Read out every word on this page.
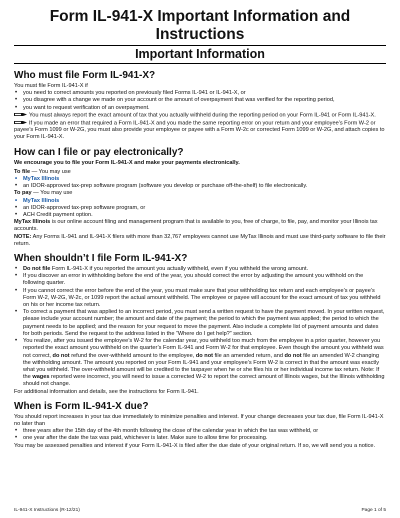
Form IL-941-X Important Information and Instructions
Important Information
Who must file Form IL-941-X?

You must file Form IL-941-X if

• you need to correct amounts you reported on previously filed Forms IL-941 or IL-941-X, or
• you disagree with a change we made on your account or the amount of overpayment that was verified for the reporting period,
• you want to request verification of an overpayment.

You must always report the exact amount of tax that you actually withheld during the reporting period on your Form IL-941 or Form IL-941-X.

If you made an error that required a Form IL-941-X and you made the same reporting error on your return and your employee’s Form W-2 or payee’s Form 1099 or W-2G, you must also provide your employee or payee with a Form W-2c or corrected Form 1099 or W-2G, and attach copies to your Form IL-941-X.

How can I file or pay electronically?

We encourage you to file your Form IL-941-X and make your payments electronically.

To file — You may use

• MyTax Illinois
• an IDOR-approved tax-prep software program (software you develop or purchase off-the-shelf) to file electronically.

To pay — You may use

• MyTax Illinois
• an IDOR-approved tax-prep software program, or
• ACH Credit payment option.

MyTax Illinois is our online account filing and management program that is available to you, free of charge, to file, pay, and monitor your Illinois tax accounts.

NOTE: Any Forms IL-941 and IL-941-X filers with more than 32,767 employees cannot use MyTax Illinois and must use third-party software to file their return.

When shouldn’t I file Form IL-941-X?
• Do not file Form IL-941-X if you reported the amount you actually withheld, even if you withheld the wrong amount.
• If you discover an error in withholding before the end of the year, you should correct the error by adjusting the amount you withhold on the following quarter.
• If you cannot correct the error before the end of the year, you must make sure that your withholding tax return and each employee’s or payee’s Form W-2, W-2G, W-2c, or 1099 report the actual amount withheld. The employee or payee will account for the exact amount of tax you withheld on his or her income tax return.
• To correct a payment that was applied to an incorrect period, you must send a written request to have the payment moved. In your written request, please include your account number; the amount and date of the payment; the period to which the payment was applied; the period to which the payment needs to be applied; and the reason for your request to move the payment. Also include a complete list of payment amounts and dates for both periods. Send the request to the address listed in the “Where do I get help?” section.
• You realize, after you issued the employee’s W-2 for the calendar year, you withheld too much from the employee in a prior quarter, however you reported the exact amount you withheld on the quarter’s Form IL-941 and Form W-2 for that employee. Even though the amount you withheld was not correct, do not refund the over-withheld amount to the employee, do not file an amended return, and do not file an amended W-2 changing the withholding amount. The amount you reported on your Form IL-941 and your employee’s Form W-2 is correct in that the amount was exactly what you withheld. The over-withheld amount will be credited to the taxpayer when he or she files his or her individual income tax return. Note: If the wages reported were incorrect, you will need to issue a corrected W-2 to report the correct amount of Illinois wages, but the Illinois withholding should not change.

For additional information and details, see the instructions for Form IL-941.

When is Form IL-941-X due?

You should report increases in your tax due immediately to minimize penalties and interest. If your change decreases your tax due, file Form IL-941-X no later than

• three years after the 15th day of the 4th month following the close of the calendar year in which the tax was withheld, or
• one year after the date the tax was paid, whichever is later. Make sure to allow time for processing.

You may be assessed penalties and interest if your Form IL-941-X is filed after the due date of your original return. If so, we will send you a notice.

IL-941-X Instructions (R-12/21)	Page 1 of 5
